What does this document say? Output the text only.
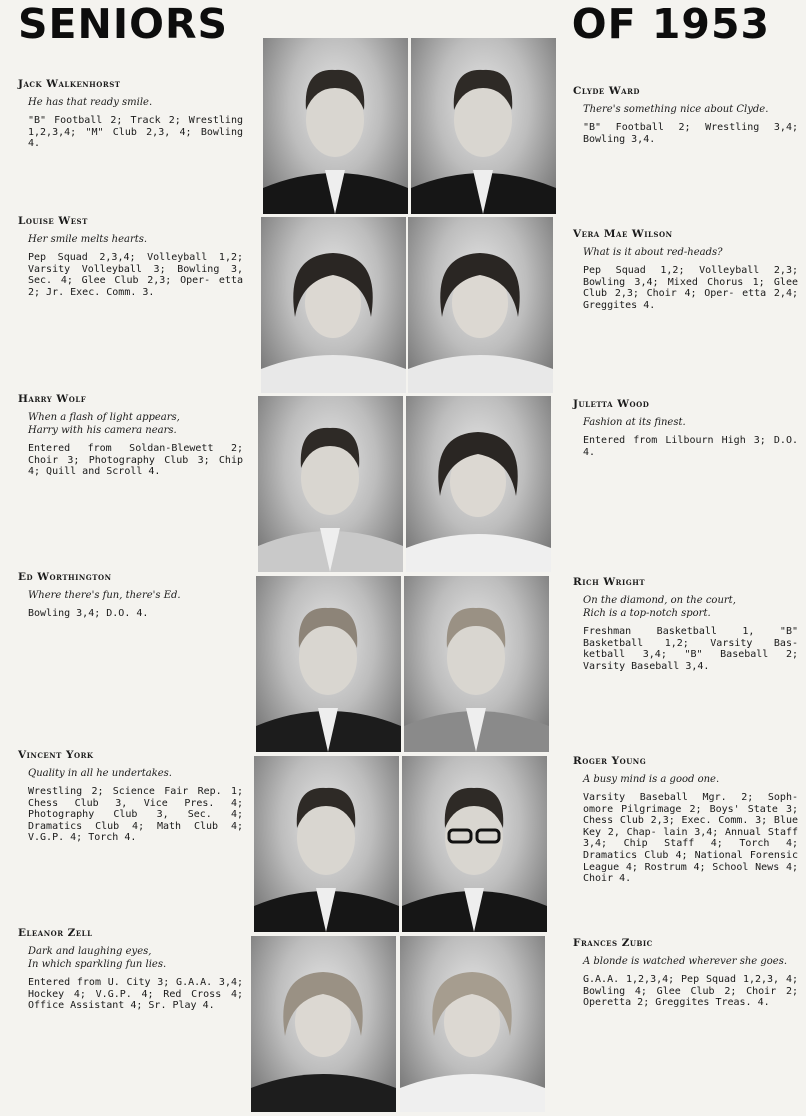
SENIORS	OF 1953
Jack Walkenhorst
He has that ready smile.
"B" Football 2; Track 2; Wrestling 1,2,3,4; "M" Club 2,3, 4; Bowling 4.
Louise West
Her smile melts hearts.
Pep Squad 2,3,4; Volleyball 1,2; Varsity Volleyball 3; Bowling 3, Sec. 4; Glee Club 2,3; Oper- etta 2; Jr. Exec. Comm. 3.
Harry Wolf
When a flash of light appears,
Harry with his camera nears.
Entered from Soldan-Blewett 2; Choir 3; Photography Club 3; Chip 4; Quill and Scroll 4.
Ed Worthington
Where there's fun, there's Ed.
Bowling 3,4; D.O. 4.
Vincent York
Quality in all he undertakes.
Wrestling 2; Science Fair Rep. 1; Chess Club 3, Vice Pres. 4; Photography Club 3, Sec. 4; Dramatics Club 4; Math Club 4; V.G.P. 4; Torch 4.
Eleanor Zell
Dark and laughing eyes,
In which sparkling fun lies.
Entered from U. City 3; G.A.A. 3,4; Hockey 4; V.G.P. 4; Red Cross 4; Office Assistant 4; Sr. Play 4.
Clyde Ward
There's something nice about Clyde.
"B" Football 2; Wrestling 3,4; Bowling 3,4.
Vera Mae Wilson
What is it about red-heads?
Pep Squad 1,2; Volleyball 2,3; Bowling 3,4; Mixed Chorus 1; Glee Club 2,3; Choir 4; Oper- etta 2,4; Greggites 4.
Juletta Wood
Fashion at its finest.
Entered from Lilbourn High 3; D.O. 4.
Rich Wright
On the diamond, on the court,
Rich is a top-notch sport.
Freshman Basketball 1, "B" Basketball 1,2; Varsity Bas- ketball 3,4; "B" Baseball 2; Varsity Baseball 3,4.
Roger Young
A busy mind is a good one.
Varsity Baseball Mgr. 2; Soph- omore Pilgrimage 2; Boys' State 3; Chess Club 2,3; Exec. Comm. 3; Blue Key 2, Chap- lain 3,4; Annual Staff 3,4; Chip Staff 4; Torch 4; Dramatics Club 4; National Forensic League 4; Rostrum 4; School News 4; Choir 4.
Frances Zubic
A blonde is watched wherever she goes.
G.A.A. 1,2,3,4; Pep Squad 1,2,3, 4; Bowling 4; Glee Club 2; Choir 2; Operetta 2; Greggites Treas. 4.
